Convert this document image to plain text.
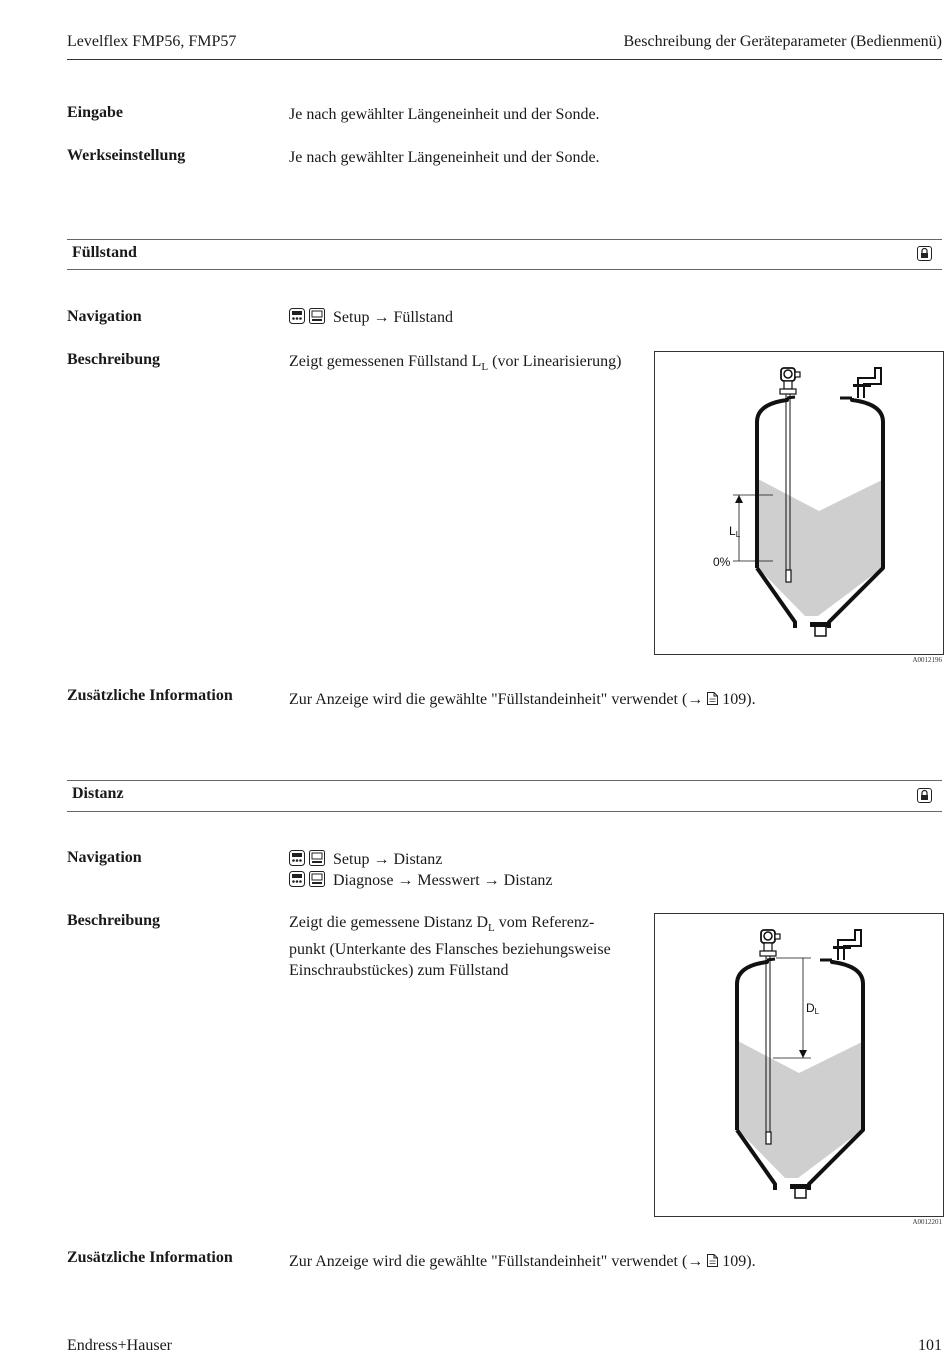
Levelflex FMP56, FMP57	Beschreibung der Geräteparameter (Bedienmenü)
Eingabe	Je nach gewählter Längeneinheit und der Sonde.
Werkseinstellung	Je nach gewählter Längeneinheit und der Sonde.
Füllstand
Navigation	Setup → Füllstand
Beschreibung	Zeigt gemessenen Füllstand $L_L$ (vor Linearisierung)
LL
0%
A0012196
Zusätzliche Information	Zur Anzeige wird die gewählte "Füllstandeinheit" verwendet (→  109).
Distanz
Navigation	Setup → Distanz
Diagnose → Messwert → Distanz
Beschreibung	Zeigt die gemessene Distanz $D_L$ vom Referenz-
punkt (Unterkante des Flansches beziehungsweise
Einschraubstückes) zum Füllstand
DL
A0012201
Zusätzliche Information	Zur Anzeige wird die gewählte "Füllstandeinheit" verwendet (→  109).
Endress+Hauser	101
